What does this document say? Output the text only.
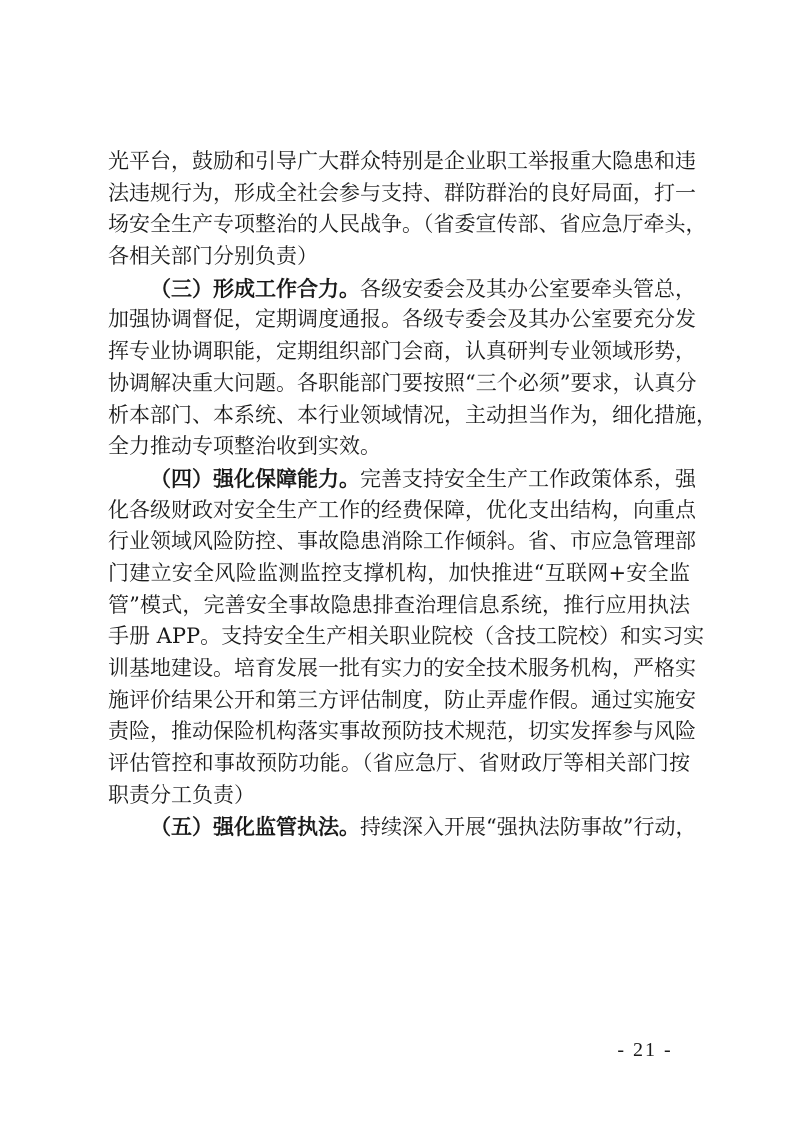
光平台，鼓励和引导广大群众特别是企业职工举报重大隐患和违
法违规行为，形成全社会参与支持、群防群治的良好局面，打一
场安全生产专项整治的人民战争。（省委宣传部、省应急厅牵头，
各相关部门分别负责）
（三）形成工作合力。各级安委会及其办公室要牵头管总，
加强协调督促，定期调度通报。各级专委会及其办公室要充分发
挥专业协调职能，定期组织部门会商，认真研判专业领域形势，
协调解决重大问题。各职能部门要按照“三个必须”要求，认真分
析本部门、本系统、本行业领域情况，主动担当作为，细化措施，
全力推动专项整治收到实效。
（四）强化保障能力。完善支持安全生产工作政策体系，强
化各级财政对安全生产工作的经费保障，优化支出结构，向重点
行业领域风险防控、事故隐患消除工作倾斜。省、市应急管理部
门建立安全风险监测监控支撑机构，加快推进“互联网+安全监
管”模式，完善安全事故隐患排查治理信息系统，推行应用执法
手册 APP。支持安全生产相关职业院校（含技工院校）和实习实
训基地建设。培育发展一批有实力的安全技术服务机构，严格实
施评价结果公开和第三方评估制度，防止弄虚作假。通过实施安
责险，推动保险机构落实事故预防技术规范，切实发挥参与风险
评估管控和事故预防功能。（省应急厅、省财政厅等相关部门按
职责分工负责）
（五）强化监管执法。持续深入开展“强执法防事故”行动，
- 21 -
